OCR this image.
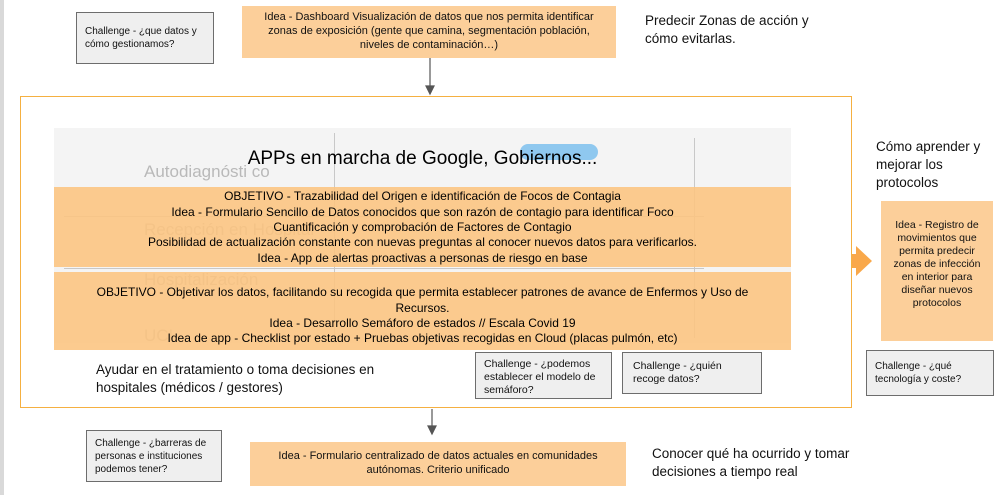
Challenge - ¿que datos y cómo gestionamos?
Idea - Dashboard Visualización de datos que nos permita identificar zonas de exposición (gente que camina, segmentación población, niveles de contaminación…)
Predecir Zonas de acción y cómo evitarlas.
Autodiagnósti co
APPs en marcha de Google, Gobiernos...
OBJETIVO - Trazabilidad del Origen e identificación de Focos de Contagia
Idea - Formulario Sencillo de Datos conocidos que son razón de contagio para identificar Foco
Cuantificación y comprobación de Factores de Contagio
Posibilidad de actualización constante con nuevas preguntas al conocer nuevos datos para verificarlos.
Idea - App de alertas proactivas a personas de riesgo en base
OBJETIVO - Objetivar los datos, facilitando su recogida que permita establecer patrones de avance de Enfermos y Uso de Recursos.
Idea - Desarrollo Semáforo de estados // Escala Covid 19
Idea de app - Checklist por estado + Pruebas objetivas recogidas en Cloud (placas pulmón, etc)
Ayudar en el tratamiento o toma decisiones en hospitales (médicos / gestores)
Challenge - ¿podemos establecer el modelo de semáforo?
Challenge - ¿quién recoge datos?
Cómo aprender y mejorar los protocolos
Idea - Registro de movimientos que permita predecir zonas de infección en interior para diseñar nuevos protocolos
Challenge - ¿qué tecnología y coste?
Challenge - ¿barreras de personas e instituciones podemos tener?
Idea - Formulario centralizado de datos actuales en comunidades autónomas. Criterio unificado
Conocer qué ha ocurrido y tomar decisiones a tiempo real
